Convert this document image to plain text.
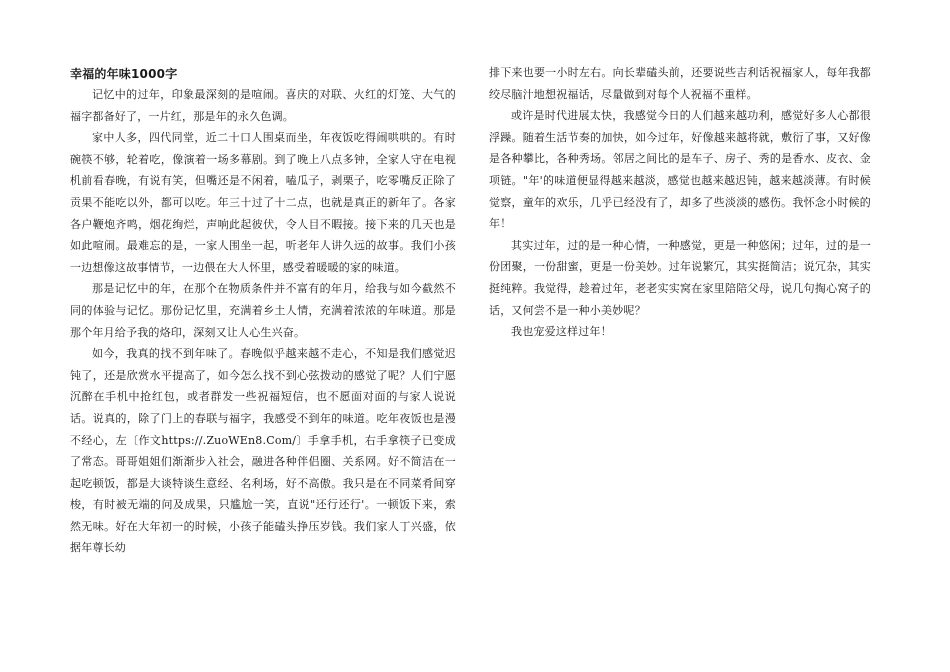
幸福的年味1000字

记忆中的过年，印象最深刻的是喧闹。喜庆的对联、火红的灯笼、大气的福字都备好了，一片红，那是年的永久色调。

家中人多，四代同堂，近二十口人围桌而坐，年夜饭吃得闹哄哄的。有时碗筷不够，轮着吃，像演着一场多幕剧。到了晚上八点多钟，全家人守在电视机前看春晚，有说有笑，但嘴还是不闲着，嗑瓜子，剥栗子，吃零嘴反正除了贡果不能吃以外，都可以吃。年三十过了十二点，也就是真正的新年了。各家各户鞭炮齐鸣，烟花绚烂，声响此起彼伏，令人目不暇接。接下来的几天也是如此喧闹。最难忘的是，一家人围坐一起，听老年人讲久远的故事。我们小孩一边想像这故事情节，一边偎在大人怀里，感受着暖暖的家的味道。

那是记忆中的年，在那个在物质条件并不富有的年月，给我与如今截然不同的体验与记忆。那份记忆里，充满着乡土人情，充满着浓浓的年味道。那是那个年月给予我的烙印，深刻又让人心生兴奋。

如今，我真的找不到年味了。春晚似乎越来越不走心，不知是我们感觉迟钝了，还是欣赏水平提高了，如今怎么找不到心弦拨动的感觉了呢？人们宁愿沉醉在手机中抢红包，或者群发一些祝福短信，也不愿面对面的与家人说说话。说真的，除了门上的春联与福字，我感受不到年的味道。吃年夜饭也是漫不经心，左〔作文https://.ZuoWEn8.Com/〕手拿手机，右手拿筷子已变成了常态。哥哥姐姐们渐渐步入社会，融进各种伴侣圈、关系网。好不简洁在一起吃顿饭，都是大谈特谈生意经、名利场，好不高傲。我只是在不同菜肴间穿梭，有时被无端的问及成果，只尴尬一笑，直说"还行还行'。一顿饭下来，索然无味。好在大年初一的时候，小孩子能磕头挣压岁钱。我们家人丁兴盛，依据年尊长幼

排下来也要一小时左右。向长辈磕头前，还要说些吉利话祝福家人，每年我都绞尽脑汁地想祝福话，尽量做到对每个人祝福不重样。

或许是时代进展太快，我感觉今日的人们越来越功利，感觉好多人心都很浮躁。随着生活节奏的加快，如今过年，好像越来越将就，敷衍了事，又好像是各种攀比，各种秀场。邻居之间比的是车子、房子、秀的是香水、皮衣、金项链。"年'的味道便显得越来越淡，感觉也越来越迟钝，越来越淡薄。有时候觉察，童年的欢乐，几乎已经没有了，却多了些淡淡的感伤。我怀念小时候的年！

其实过年，过的是一种心情，一种感觉，更是一种悠闲；过年，过的是一份团聚，一份甜蜜，更是一份美妙。过年说繁冗，其实挺简洁；说冗杂，其实挺纯粹。我觉得，趁着过年，老老实实窝在家里陪陪父母，说几句掏心窝子的话，又何尝不是一种小美妙呢？

我也宠爱这样过年！
